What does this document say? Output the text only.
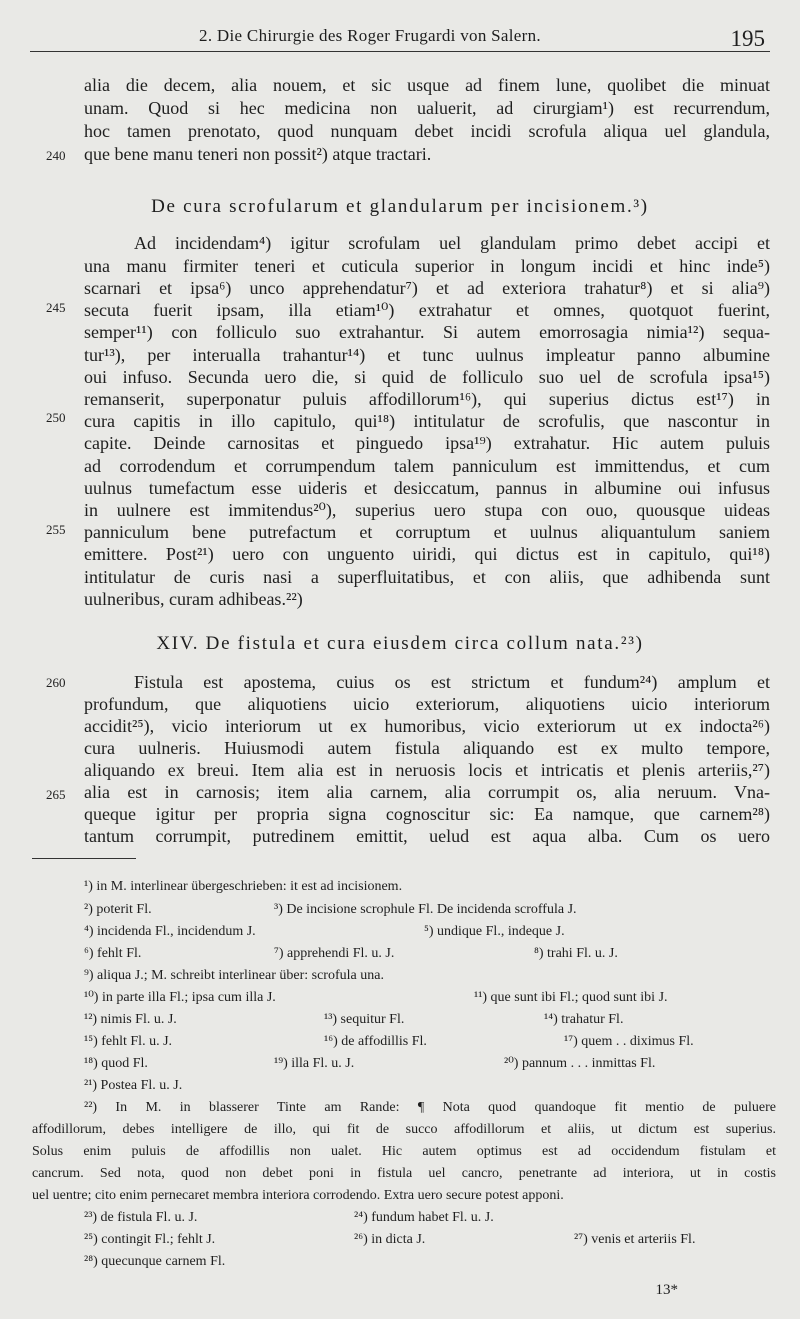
2. Die Chirurgie des Roger Frugardi von Salern.	195
240
245
250
255
260
265
alia die decem, alia nouem, et sic usque ad finem lune, quolibet die minuat
unam. Quod si hec medicina non ualuerit, ad cirurgiam¹) est recurrendum,
hoc tamen prenotato, quod nunquam debet incidi scrofula aliqua uel glandula,
que bene manu teneri non possit²) atque tractari.
De cura scrofularum et glandularum per incisionem.³)
Ad incidendam⁴) igitur scrofulam uel glandulam primo debet accipi et
una manu firmiter teneri et cuticula superior in longum incidi et hinc inde⁵)
scarnari et ipsa⁶) unco apprehendatur⁷) et ad exteriora trahatur⁸) et si alia⁹)
secuta fuerit ipsam, illa etiam¹⁰) extrahatur et omnes, quotquot fuerint,
semper¹¹) con folliculo suo extrahantur. Si autem emorrosagia nimia¹²) sequa-
tur¹³), per interualla trahantur¹⁴) et tunc uulnus impleatur panno albumine
oui infuso. Secunda uero die, si quid de folliculo suo uel de scrofula ipsa¹⁵)
remanserit, superponatur puluis affodillorum¹⁶), qui superius dictus est¹⁷) in
cura capitis in illo capitulo, qui¹⁸) intitulatur de scrofulis, que nascontur in
capite. Deinde carnositas et pinguedo ipsa¹⁹) extrahatur. Hic autem puluis
ad corrodendum et corrumpendum talem panniculum est immittendus, et cum
uulnus tumefactum esse uideris et desiccatum, pannus in albumine oui infusus
in uulnere est immitendus²⁰), superius uero stupa con ouo, quousque uideas
panniculum bene putrefactum et corruptum et uulnus aliquantulum saniem
emittere. Post²¹) uero con unguento uiridi, qui dictus est in capitulo, qui¹⁸)
intitulatur de curis nasi a superfluitatibus, et con aliis, que adhibenda sunt
uulneribus, curam adhibeas.²²)
XIV. De fistula et cura eiusdem circa collum nata.²³)
Fistula est apostema, cuius os est strictum et fundum²⁴) amplum et
profundum, que aliquotiens uicio exteriorum, aliquotiens uicio interiorum
accidit²⁵), vicio interiorum ut ex humoribus, vicio exteriorum ut ex indocta²⁶)
cura uulneris. Huiusmodi autem fistula aliquando est ex multo tempore,
aliquando ex breui. Item alia est in neruosis locis et intricatis et plenis arteriis,²⁷)
alia est in carnosis; item alia carnem, alia corrumpit os, alia neruum. Vna-
queque igitur per propria signa cognoscitur sic: Ea namque, que carnem²⁸)
tantum corrumpit, putredinem emittit, uelud est aqua alba. Cum os uero
¹) in M. interlinear übergeschrieben: it est ad incisionem.
²) poterit Fl.	³) De incisione scrophule Fl. De incidenda scroffula J.
⁴) incidenda Fl., incidendum J.	⁵) undique Fl., indeque J.
⁶) fehlt Fl.	⁷) apprehendi Fl. u. J.	⁸) trahi Fl. u. J.
⁹) aliqua J.; M. schreibt interlinear über: scrofula una.
¹⁰) in parte illa Fl.; ipsa cum illa J.	¹¹) que sunt ibi Fl.; quod sunt ibi J.
¹²) nimis Fl. u. J.	¹³) sequitur Fl.	¹⁴) trahatur Fl.
¹⁵) fehlt Fl. u. J.	¹⁶) de affodillis Fl.	¹⁷) quem . . diximus Fl.
¹⁸) quod Fl.	¹⁹) illa Fl. u. J.	²⁰) pannum . . . inmittas Fl.
²¹) Postea Fl. u. J.
²²) In M. in blasserer Tinte am Rande: ¶ Nota quod quandoque fit mentio de puluere
affodillorum, debes intelligere de illo, qui fit de succo affodillorum et aliis, ut dictum est superius.
Solus enim puluis de affodillis non ualet. Hic autem optimus est ad occidendum fistulam et
cancrum. Sed nota, quod non debet poni in fistula uel cancro, penetrante ad interiora, ut in costis
uel uentre; cito enim pernecaret membra interiora corrodendo. Extra uero secure potest apponi.
²³) de fistula Fl. u. J.	²⁴) fundum habet Fl. u. J.
²⁵) contingit Fl.; fehlt J.	²⁶) in dicta J.	²⁷) venis et arteriis Fl.
²⁸) quecunque carnem Fl.
13*
